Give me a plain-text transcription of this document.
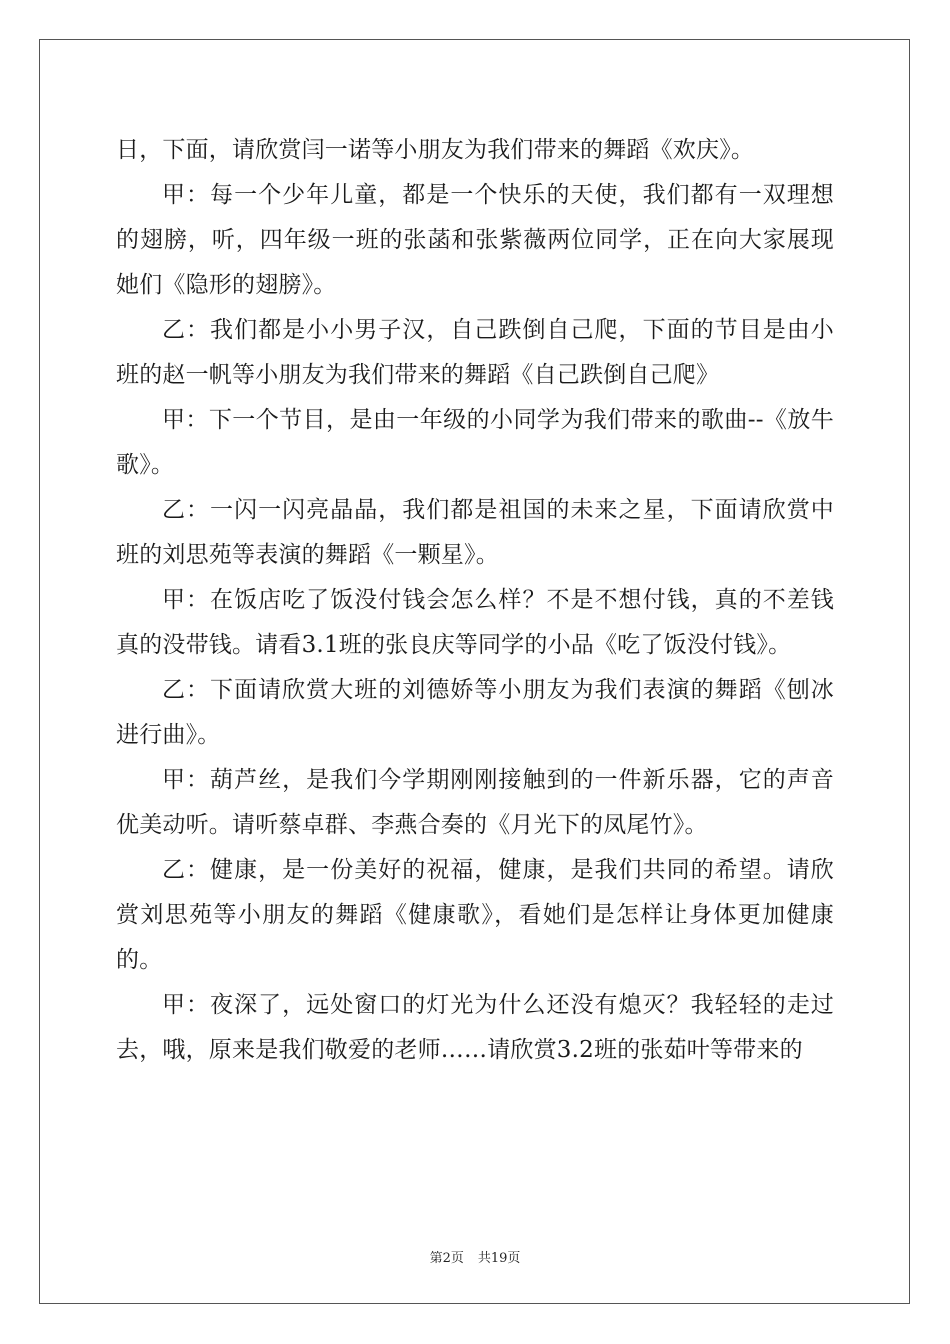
日，下面，请欣赏闫一诺等小朋友为我们带来的舞蹈《欢庆》。

甲：每一个少年儿童，都是一个快乐的天使，我们都有一双理想的翅膀，听，四年级一班的张菡和张紫薇两位同学，正在向大家展现她们《隐形的翅膀》。

乙：我们都是小小男子汉，自己跌倒自己爬，下面的节目是由小班的赵一帆等小朋友为我们带来的舞蹈《自己跌倒自己爬》

甲：下一个节目，是由一年级的小同学为我们带来的歌曲--《放牛歌》。

乙：一闪一闪亮晶晶，我们都是祖国的未来之星，下面请欣赏中班的刘思苑等表演的舞蹈《一颗星》。

甲：在饭店吃了饭没付钱会怎么样？不是不想付钱，真的不差钱真的没带钱。请看3.1班的张良庆等同学的小品《吃了饭没付钱》。

乙：下面请欣赏大班的刘德娇等小朋友为我们表演的舞蹈《刨冰进行曲》。

甲：葫芦丝，是我们今学期刚刚接触到的一件新乐器，它的声音优美动听。请听蔡卓群、李燕合奏的《月光下的凤尾竹》。

乙：健康，是一份美好的祝福，健康，是我们共同的希望。请欣赏刘思苑等小朋友的舞蹈《健康歌》，看她们是怎样让身体更加健康的。

甲：夜深了，远处窗口的灯光为什么还没有熄灭？我轻轻的走过去，哦，原来是我们敬爱的老师……请欣赏3.2班的张茹叶等带来的

第2页 共19页
